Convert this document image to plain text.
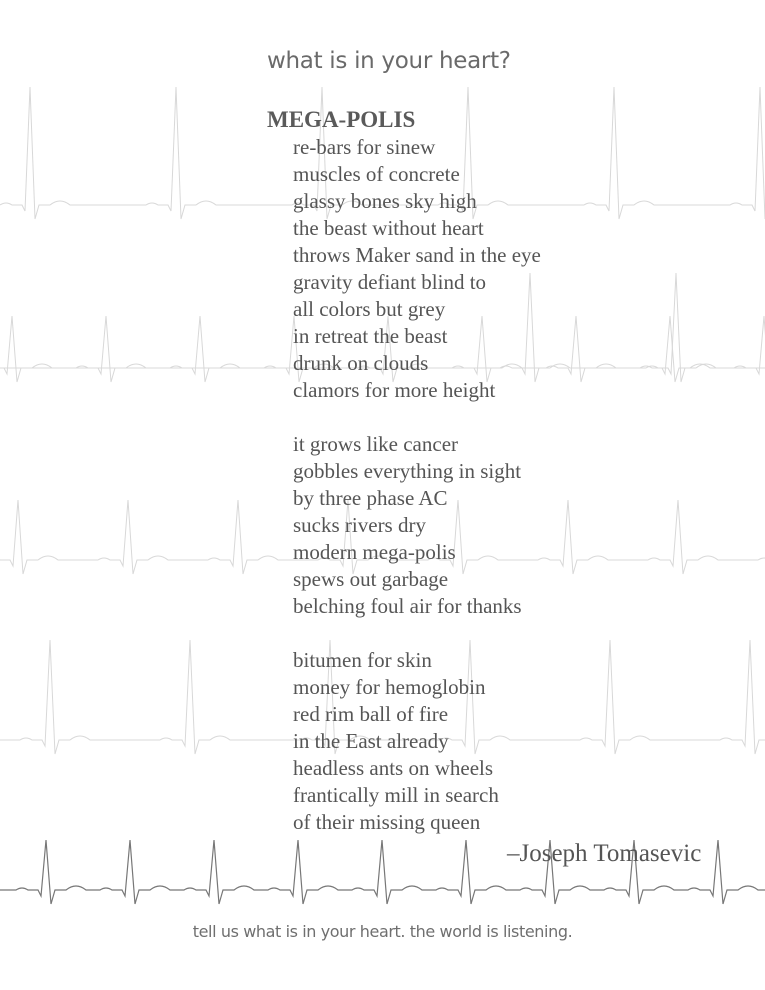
what is in your heart?
MEGA-POLIS
re-bars for sinew
muscles of concrete
glassy bones sky high
the beast without heart
throws Maker sand in the eye
gravity defiant blind to
all colors but grey
in retreat the beast
drunk on clouds
clamors for more height
it grows like cancer
gobbles everything in sight
by three phase AC
sucks rivers dry
modern mega-polis
spews out garbage
belching foul air for thanks
bitumen for skin
money for hemoglobin
red rim ball of fire
in the East already
headless ants on wheels
frantically mill in search
of their missing queen
–Joseph Tomasevic
tell us what is in your heart. the world is listening.
